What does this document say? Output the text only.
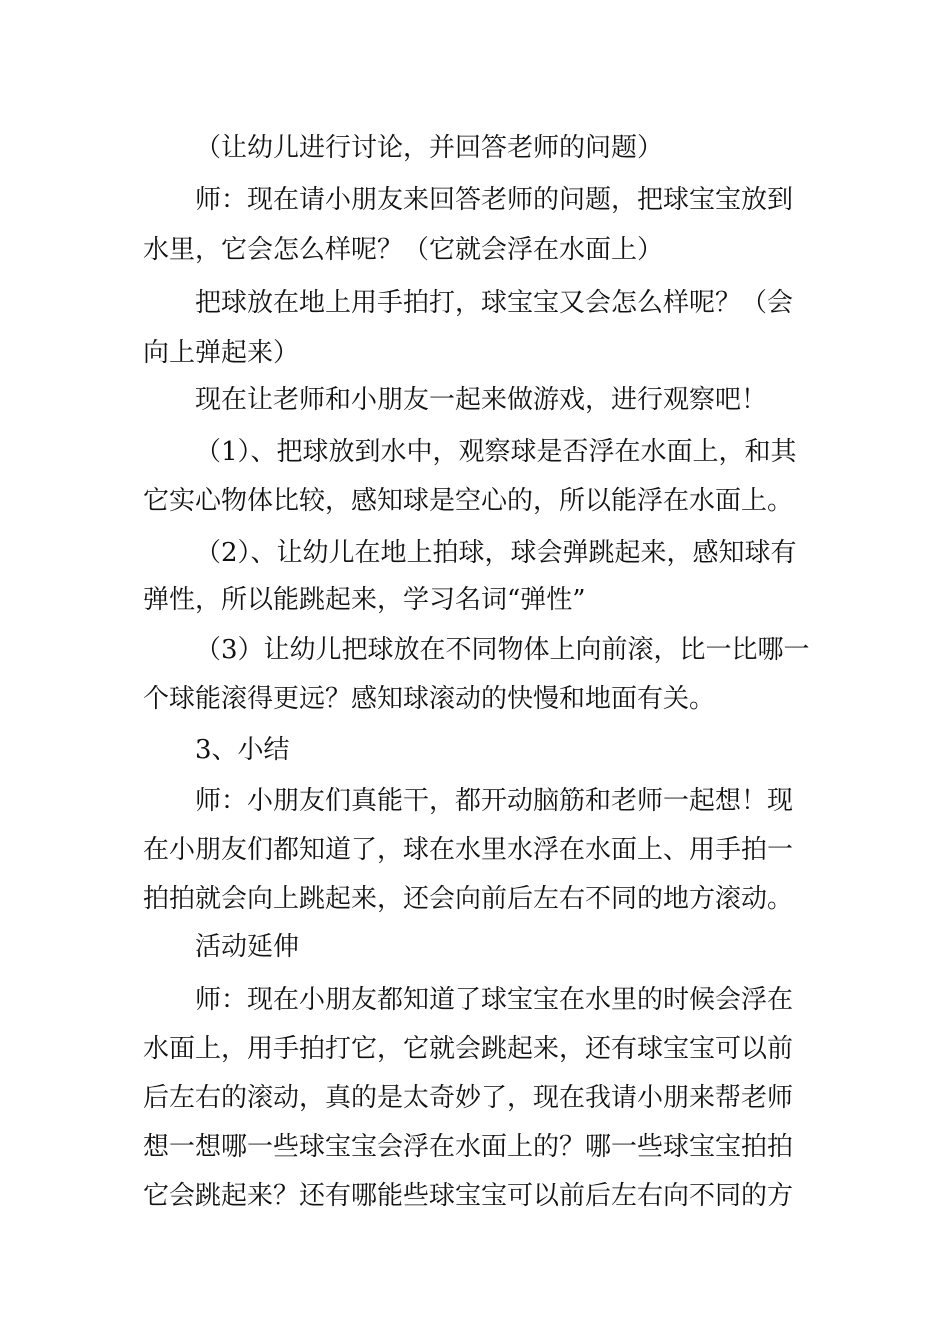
（让幼儿进行讨论，并回答老师的问题）
师：现在请小朋友来回答老师的问题，把球宝宝放到
水里，它会怎么样呢？（它就会浮在水面上）
把球放在地上用手拍打，球宝宝又会怎么样呢？（会
向上弹起来）
现在让老师和小朋友一起来做游戏，进行观察吧！
（1）、把球放到水中，观察球是否浮在水面上，和其
它实心物体比较，感知球是空心的，所以能浮在水面上。
（2）、让幼儿在地上拍球，球会弹跳起来，感知球有
弹性，所以能跳起来，学习名词“弹性”
（3）让幼儿把球放在不同物体上向前滚，比一比哪一
个球能滚得更远？感知球滚动的快慢和地面有关。
3、小结
师：小朋友们真能干，都开动脑筋和老师一起想！现
在小朋友们都知道了，球在水里水浮在水面上、用手拍一
拍拍就会向上跳起来，还会向前后左右不同的地方滚动。
活动延伸
师：现在小朋友都知道了球宝宝在水里的时候会浮在
水面上，用手拍打它，它就会跳起来，还有球宝宝可以前
后左右的滚动，真的是太奇妙了，现在我请小朋来帮老师
想一想哪一些球宝宝会浮在水面上的？哪一些球宝宝拍拍
它会跳起来？还有哪能些球宝宝可以前后左右向不同的方
